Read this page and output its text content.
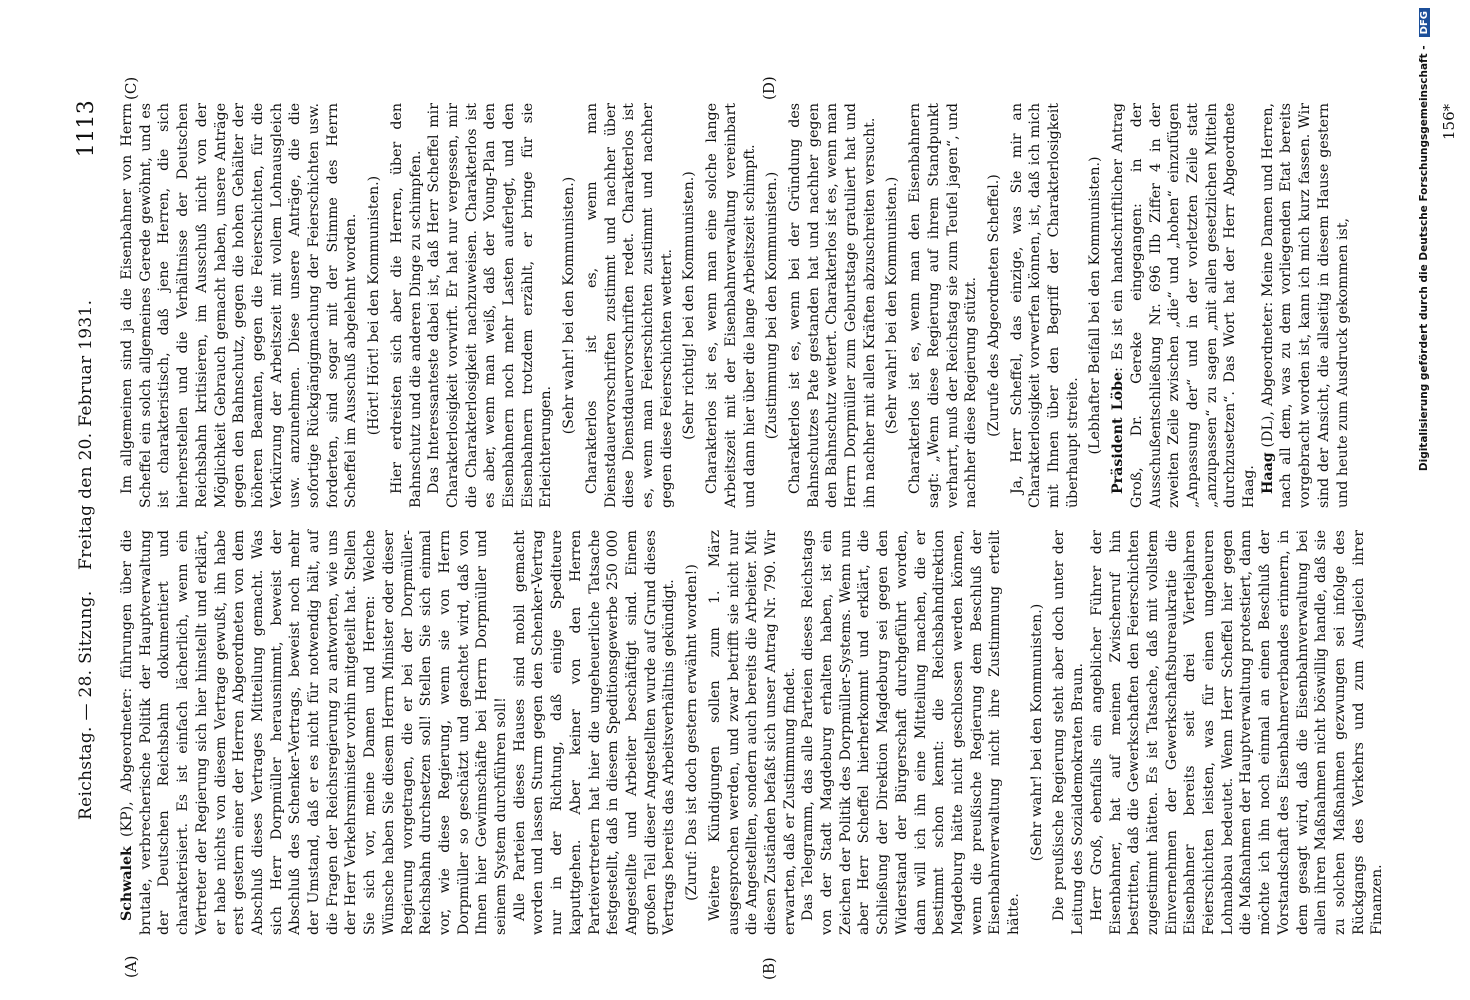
Reichstag. — 28. Sitzung.
Freitag den 20. Februar 1931.
1113
(A)	(B)
(C)	(D)

Schwalek (KP), Abgeordneter: führungen über die brutale, verbrecherische Politik der Hauptverwaltung der Deutschen Reichsbahn dokumentiert und charakterisiert. Es ist einfach lächerlich, wenn ein Vertreter der Regierung sich hier hinstellt und erklärt, er habe nichts von diesem Vertrage gewußt, ihn habe erst gestern einer der Herren Abgeordneten von dem Abschluß dieses Vertrages Mitteilung gemacht. Was sich Herr Dorpmüller herausnimmt, beweist der Abschluß des Schenker-Vertrags, beweist noch mehr der Umstand, daß er es nicht für notwendig hält, auf die Fragen der Reichsregierung zu antworten, wie uns der Herr Verkehrsminister vorhin mitgeteilt hat. Stellen Sie sich vor, meine Damen und Herren: Welche Wünsche haben Sie diesem Herrn Minister oder dieser Regierung vorgetragen, die er bei der Dorpmüller-Reichsbahn durchsetzen soll! Stellen Sie sich einmal vor, wie diese Regierung, wenn sie von Herrn Dorpmüller so geschätzt und geachtet wird, daß von Ihnen hier Gewinnschäfte bei Herrn Dorpmüller und seinem System durchführen soll! Alle Parteien dieses Hauses sind mobil gemacht worden und lassen Sturm gegen den Schenker-Vertrag nur in der Richtung, daß einige Spediteure kaputtgehen. Aber keiner von den Herren Parteivertretern hat hier die ungeheuerliche Tatsache festgestellt, daß in diesem Speditionsgewerbe 250 000 Angestellte und Arbeiter beschäftigt sind. Einem großen Teil dieser Angestellten wurde auf Grund dieses Vertrags bereits das Arbeitsverhältnis gekündigt. (Zuruf: Das ist doch gestern erwähnt worden!) Weitere Kündigungen sollen zum 1. März ausgesprochen werden, und zwar betrifft sie nicht nur die Angestellten, sondern auch bereits die Arbeiter. Mit diesen Zuständen befaßt sich unser Antrag Nr. 790. Wir erwarten, daß er Zustimmung findet. Das Telegramm, das alle Parteien dieses Reichstags von der Stadt Magdeburg erhalten haben, ist ein Zeichen der Politik des Dorpmüller-Systems. Wenn nun aber Herr Scheffel hierherkommt und erklärt, die Schließung der Direktion Magdeburg sei gegen den Widerstand der Bürgerschaft durchgeführt worden, dann will ich ihn eine Mitteilung machen, die er bestimmt schon kennt: die Reichsbahndirektion Magdeburg hätte nicht geschlossen werden können, wenn die preußische Regierung dem Beschluß der Eisenbahnverwaltung nicht ihre Zustimmung erteilt hätte.

(Sehr wahr! bei den Kommunisten.) Die preußische Regierung steht aber doch unter der Leitung des Sozialdemokraten Braun. Herr Groß, ebenfalls ein angeblicher Führer der Eisenbahner, hat auf meinen Zwischenruf hin bestritten, daß die Gewerkschaften den Feierschichten zugestimmt hätten. Es ist Tatsache, daß mit vollstem Einvernehmen der Gewerkschaftsbureaukratie die Eisenbahner bereits seit drei Vierteljahren Feierschichten leisten, was für einen ungeheuren Lohnabbau bedeutet. Wenn Herr Scheffel hier gegen die Maßnahmen der Hauptverwaltung protestiert, dann möchte ich ihn noch einmal an einen Beschluß der Vorstandschaft des Eisenbahnerverbandes erinnern, in dem gesagt wird, daß die Eisenbahnverwaltung bei allen ihren Maßnahmen nicht böswillig handle, daß sie zu solchen Maßnahmen gezwungen sei infolge des Rückgangs des Verkehrs und zum Ausgleich ihrer Finanzen.

Im allgemeinen sind ja die Eisenbahner von Herrn Scheffel ein solch allgemeines Gerede gewöhnt, und es ist charakteristisch, daß jene Herren, die sich hierherstellen und die Verhältnisse der Deutschen Reichsbahn kritisieren, im Ausschuß nicht von der Möglichkeit Gebrauch gemacht haben, unsere Anträge gegen den Bahnschutz, gegen die hohen Gehälter der höheren Beamten, gegen die Feierschichten, für die Verkürzung der Arbeitszeit mit vollem Lohnausgleich usw. anzunehmen. Diese unsere Anträge, die die sofortige Rückgängigmachung der Feierschichten usw. forderten, sind sogar mit der Stimme des Herrn Scheffel im Ausschuß abgelehnt worden. (Hört! Hört! bei den Kommunisten.) Hier erdreisten sich aber die Herren, über den Bahnschutz und die anderen Dinge zu schimpfen. Das Interessanteste dabei ist, daß Herr Scheffel mir Charakterlosigkeit vorwirft. Er hat nur vergessen, mir die Charakterlosigkeit nachzuweisen. Charakterlos ist es aber, wenn man weiß, daß der Young-Plan den Eisenbahnern noch mehr Lasten auferlegt, und den Eisenbahnern trotzdem erzählt, er bringe für sie Erleichterungen.

(Sehr wahr! bei den Kommunisten.) Charakterlos ist es, wenn man Dienstdauervorschriften zustimmt und nachher über diese Dienstdauervorschriften redet. Charakterlos ist es, wenn man Feierschichten zustimmt und nachher gegen diese Feierschichten wettert. (Sehr richtig! bei den Kommunisten.) Charakterlos ist es, wenn man eine solche lange Arbeitszeit mit der Eisenbahnverwaltung vereinbart und dann hier über die lange Arbeitszeit schimpft. (Zustimmung bei den Kommunisten.) Charakterlos ist es, wenn bei der Gründung des Bahnschutzes Pate gestanden hat und nachher gegen den Bahnschutz wettert. Charakterlos ist es, wenn man Herrn Dorpmüller zum Geburtstage gratuliert hat und ihn nachher mit allen Kräften abzuschreiten versucht. (Sehr wahr! bei den Kommunisten.) Charakterlos ist es, wenn man den Eisenbahnern sagt: „Wenn diese Regierung auf ihrem Standpunkt verharrt, muß der Reichstag sie zum Teufel jagen“, und nachher diese Regierung stützt. (Zurufe des Abgeordneten Scheffel.) Ja, Herr Scheffel, das einzige, was Sie mir an Charakterlosigkeit vorwerfen können, ist, daß ich mich mit Ihnen über den Begriff der Charakterlosigkeit überhaupt streite. (Lebhafter Beifall bei den Kommunisten.) Präsident Löbe: Es ist ein handschriftlicher Antrag Groß, Dr. Gereke eingegangen: in der Ausschußentschließung Nr. 696 IIb Ziffer 4 in der zweiten Zeile zwischen „die“ und „hohen“ einzufügen „Anpassung der“ und in der vorletzten Zeile statt „anzupassen“ zu sagen „mit allen gesetzlichen Mitteln durchzusetzen“. Das Wort hat der Herr Abgeordnete Haag. Haag (DL), Abgeordneter: Meine Damen und Herren, nach all dem, was zu dem vorliegenden Etat bereits vorgebracht worden ist, kann ich mich kurz fassen. Wir sind der Ansicht, die allseitig in diesem Hause gestern und heute zum Ausdruck gekommen ist,

156*
Digitalisierung gefördert durch die Deutsche Forschungsgemeinschaft -DFG
